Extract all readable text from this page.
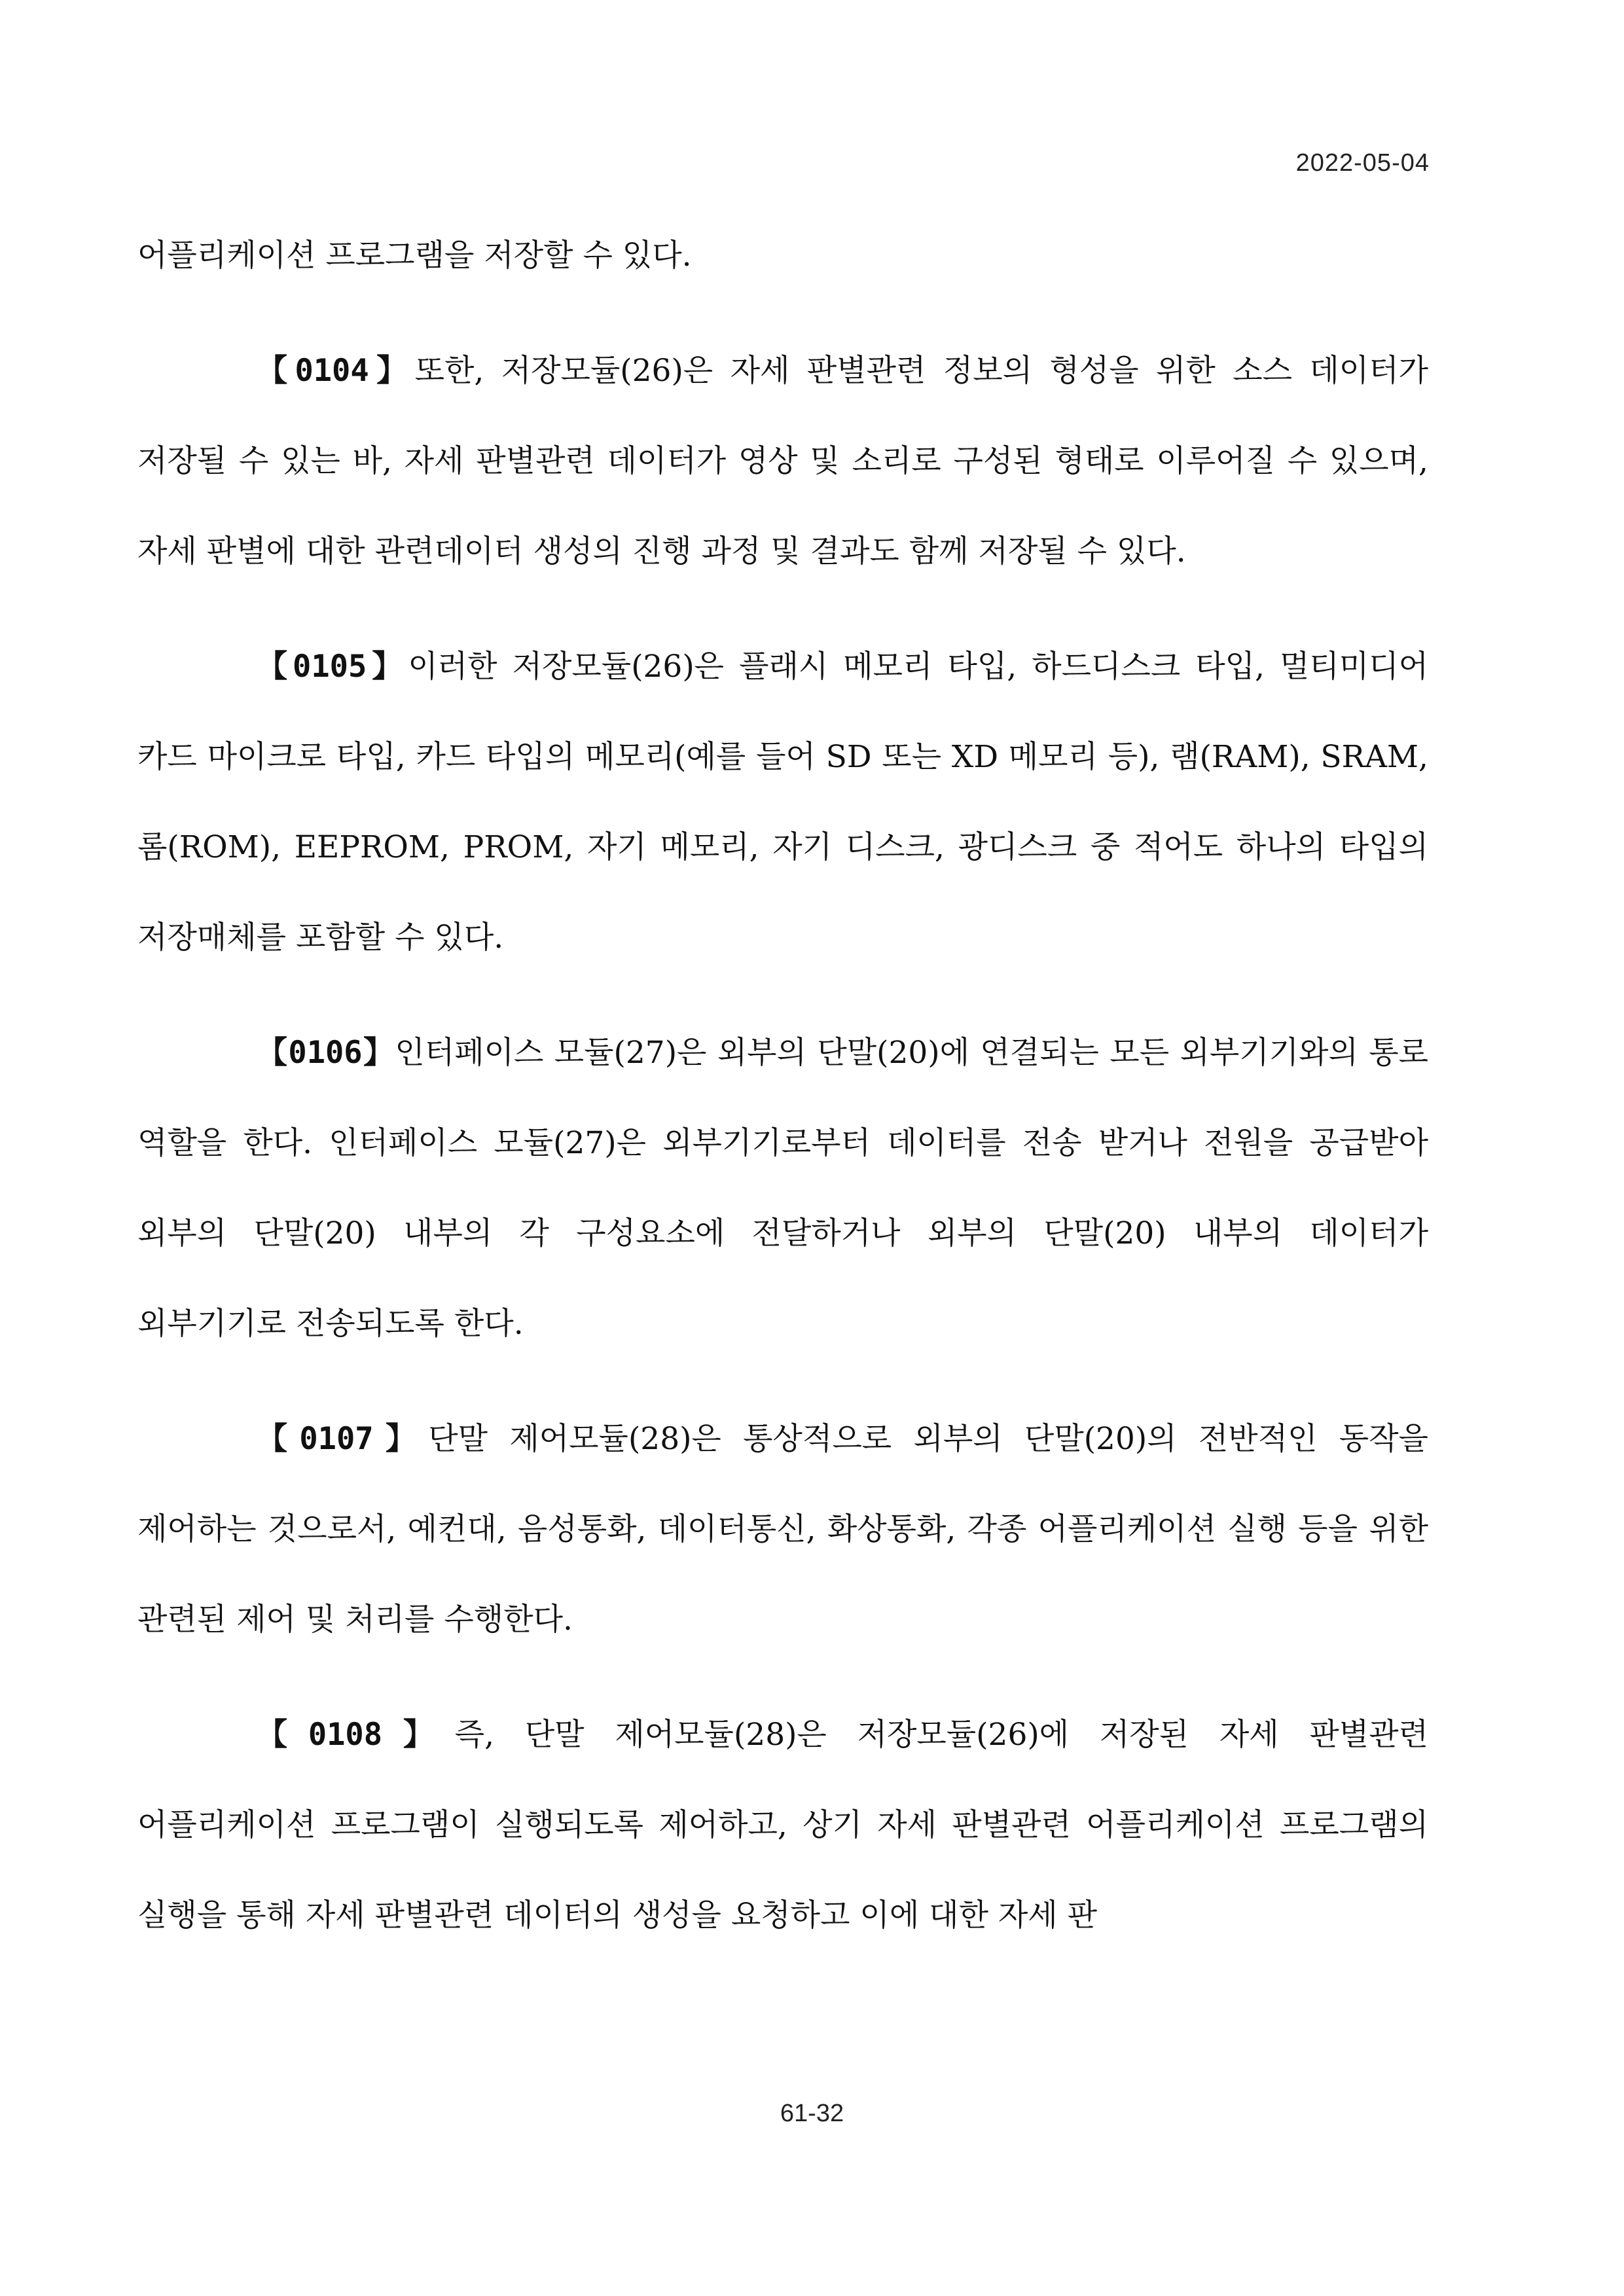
2022-05-04

어플리케이션 프로그램을 저장할 수 있다.

【0104】또한, 저장모듈(26)은 자세 판별관련 정보의 형성을 위한 소스 데이터가 저장될 수 있는 바, 자세 판별관련 데이터가 영상 및 소리로 구성된 형태로 이루어질 수 있으며, 자세 판별에 대한 관련데이터 생성의 진행 과정 및 결과도 함께 저장될 수 있다.

【0105】이러한 저장모듈(26)은 플래시 메모리 타입, 하드디스크 타입, 멀티미디어 카드 마이크로 타입, 카드 타입의 메모리(예를 들어 SD 또는 XD 메모리 등), 램(RAM), SRAM, 롬(ROM), EEPROM, PROM, 자기 메모리, 자기 디스크, 광디스크 중 적어도 하나의 타입의 저장매체를 포함할 수 있다.

【0106】인터페이스 모듈(27)은 외부의 단말(20)에 연결되는 모든 외부기기와의 통로 역할을 한다. 인터페이스 모듈(27)은 외부기기로부터 데이터를 전송 받거나 전원을 공급받아 외부의 단말(20) 내부의 각 구성요소에 전달하거나 외부의 단말(20) 내부의 데이터가 외부기기로 전송되도록 한다.

【0107】단말 제어모듈(28)은 통상적으로 외부의 단말(20)의 전반적인 동작을 제어하는 것으로서, 예컨대, 음성통화, 데이터통신, 화상통화, 각종 어플리케이션 실행 등을 위한 관련된 제어 및 처리를 수행한다.

【0108】즉, 단말 제어모듈(28)은 저장모듈(26)에 저장된 자세 판별관련 어플리케이션 프로그램이 실행되도록 제어하고, 상기 자세 판별관련 어플리케이션 프로그램의 실행을 통해 자세 판별관련 데이터의 생성을 요청하고 이에 대한 자세 판

61-32
